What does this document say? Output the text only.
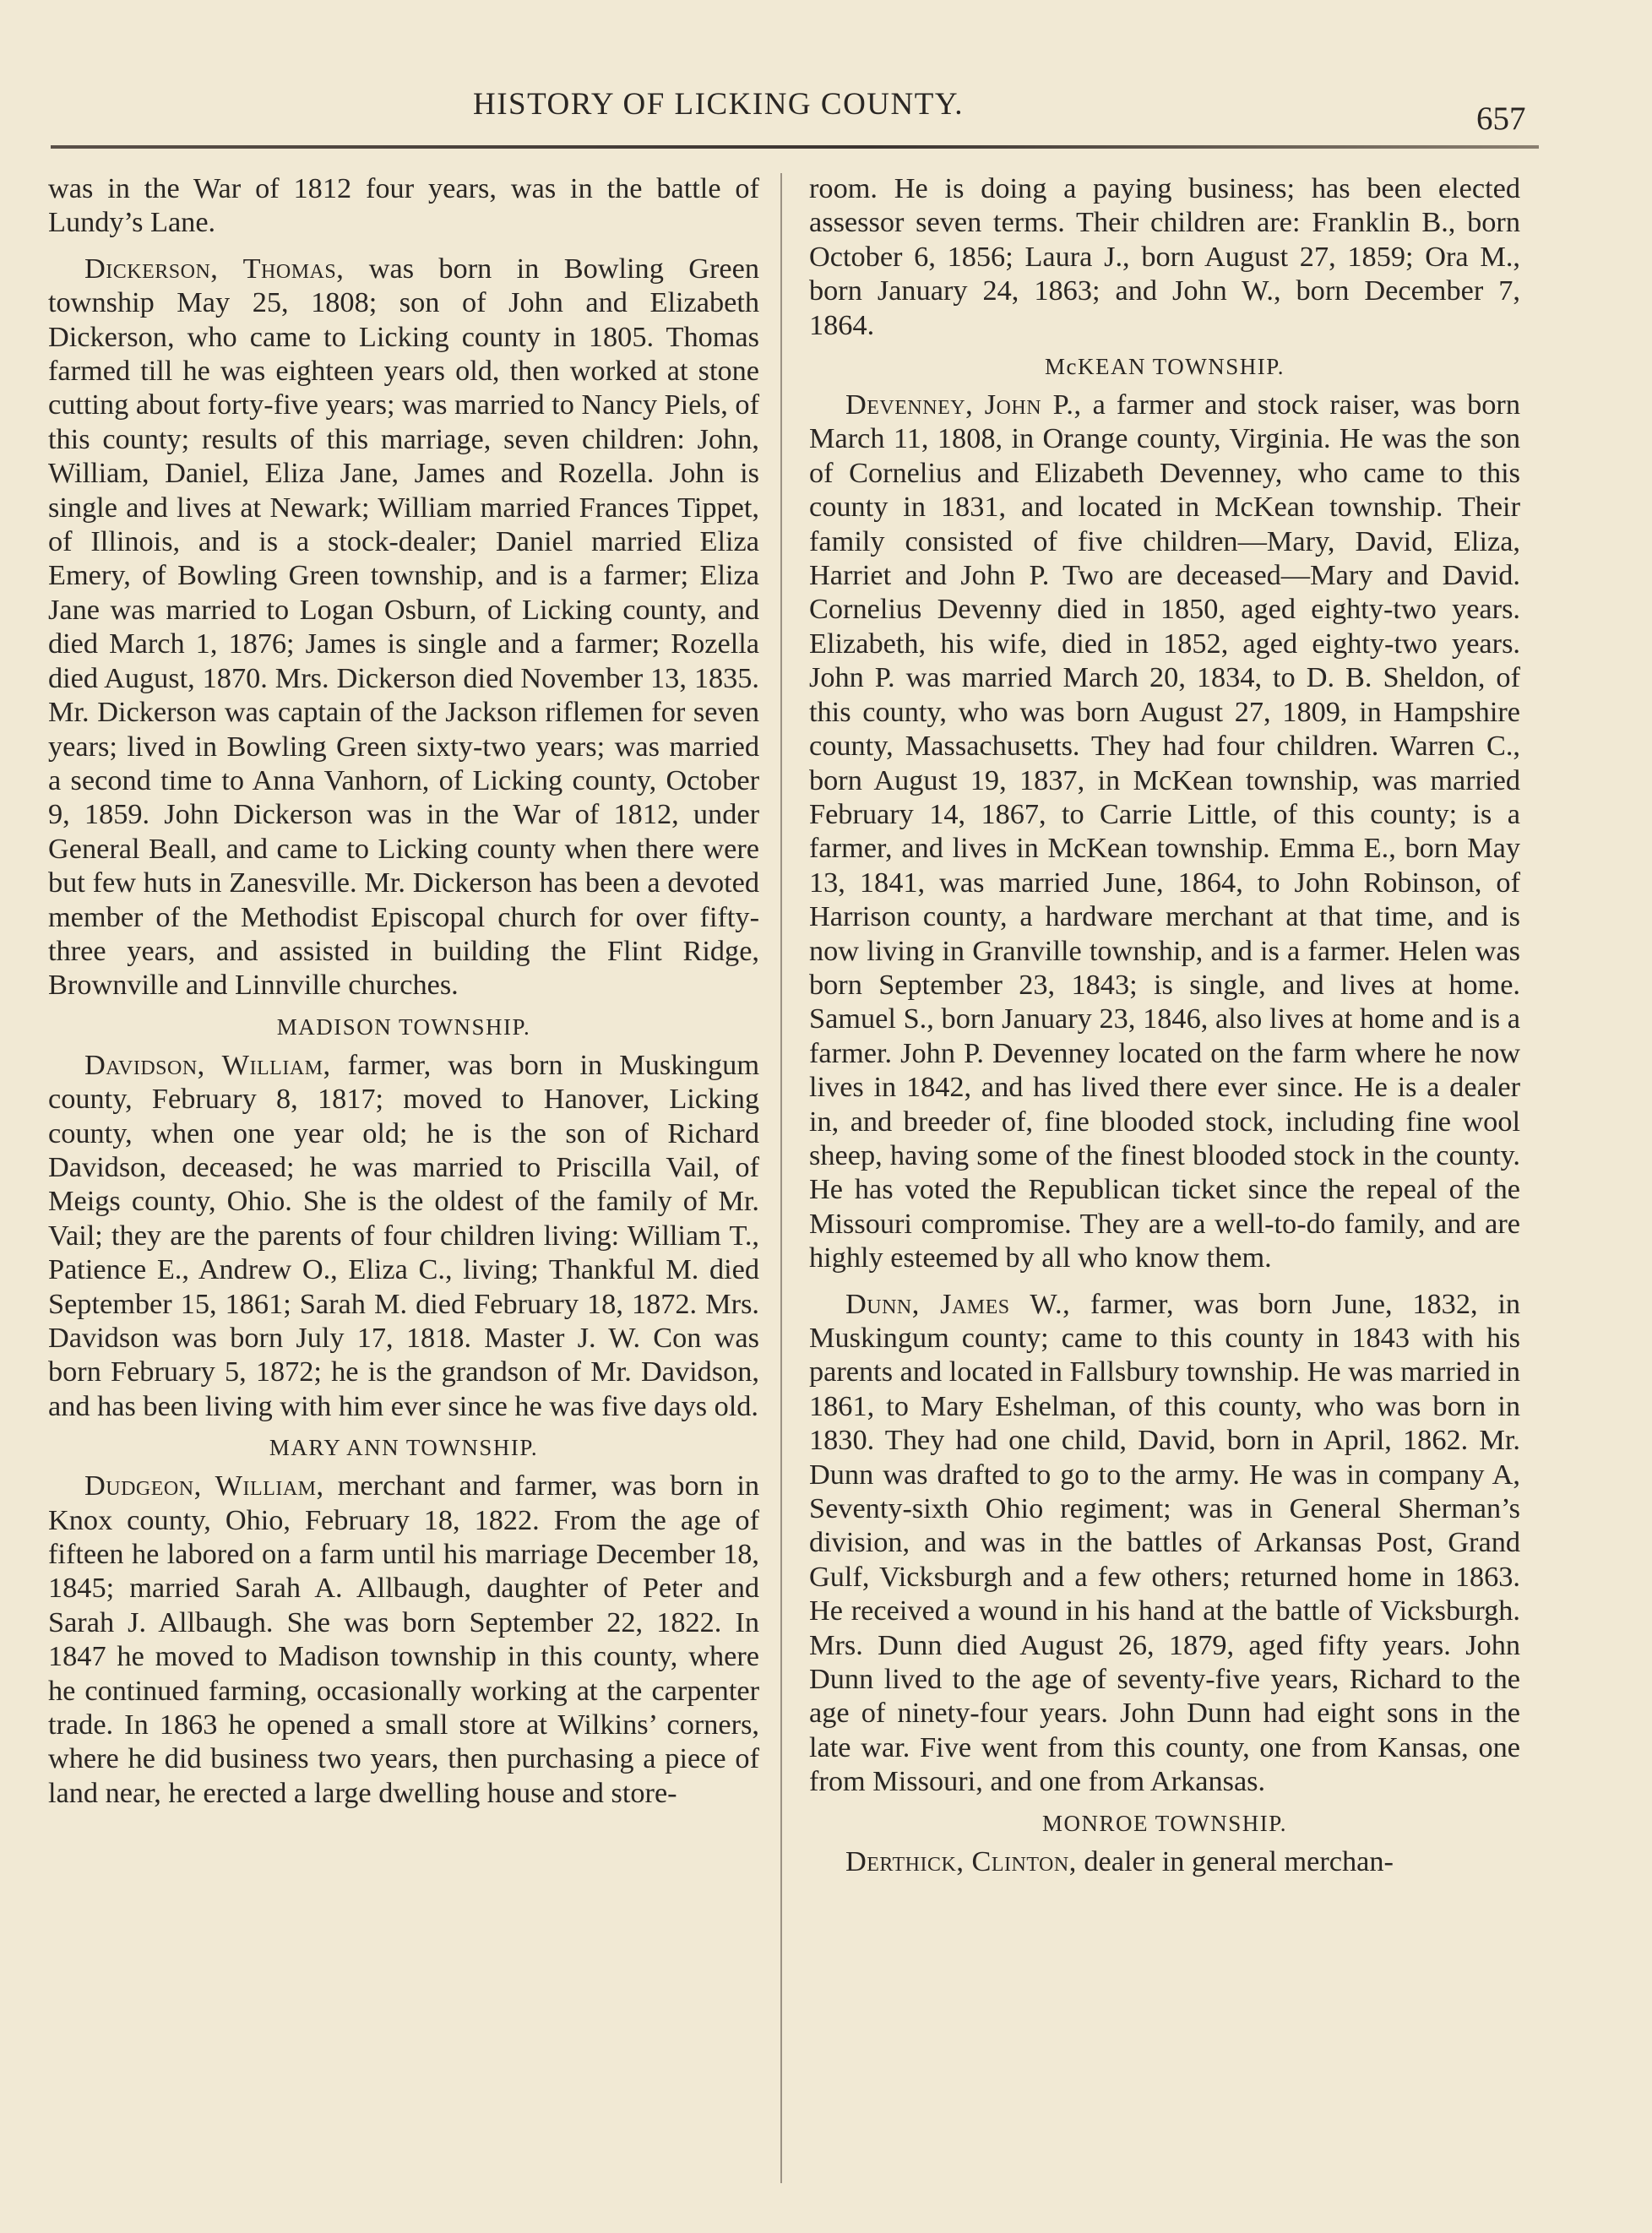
HISTORY OF LICKING COUNTY.	657

was in the War of 1812 four years, was in the battle of Lundy’s Lane.

Dickerson, Thomas, was born in Bowling Green township May 25, 1808; son of John and Elizabeth Dickerson, who came to Licking county in 1805. Thomas farmed till he was eighteen years old, then worked at stone cutting about forty-five years; was married to Nancy Piels, of this county; results of this marriage, seven children: John, William, Daniel, Eliza Jane, James and Rozella. John is single and lives at Newark; William married Frances Tippet, of Illinois, and is a stock-dealer; Daniel married Eliza Emery, of Bowling Green township, and is a farmer; Eliza Jane was married to Logan Osburn, of Licking county, and died March 1, 1876; James is single and a farmer; Rozella died August, 1870. Mrs. Dickerson died November 13, 1835. Mr. Dickerson was captain of the Jackson riflemen for seven years; lived in Bowling Green sixty-two years; was married a second time to Anna Vanhorn, of Licking county, October 9, 1859. John Dickerson was in the War of 1812, under General Beall, and came to Licking county when there were but few huts in Zanesville. Mr. Dickerson has been a devoted member of the Methodist Episcopal church for over fifty-three years, and assisted in building the Flint Ridge, Brownville and Linnville churches.

MADISON TOWNSHIP.

Davidson, William, farmer, was born in Muskingum county, February 8, 1817; moved to Hanover, Licking county, when one year old; he is the son of Richard Davidson, deceased; he was married to Priscilla Vail, of Meigs county, Ohio. She is the oldest of the family of Mr. Vail; they are the parents of four children living: William T., Patience E., Andrew O., Eliza C., living; Thankful M. died September 15, 1861; Sarah M. died February 18, 1872. Mrs. Davidson was born July 17, 1818. Master J. W. Con was born February 5, 1872; he is the grandson of Mr. Davidson, and has been living with him ever since he was five days old.

MARY ANN TOWNSHIP.

Dudgeon, William, merchant and farmer, was born in Knox county, Ohio, February 18, 1822. From the age of fifteen he labored on a farm until his marriage December 18, 1845; married Sarah A. Allbaugh, daughter of Peter and Sarah J. Allbaugh. She was born September 22, 1822. In 1847 he moved to Madison township in this county, where he continued farming, occasionally working at the carpenter trade. In 1863 he opened a small store at Wilkins’ corners, where he did business two years, then purchasing a piece of land near, he erected a large dwelling house and store-

room. He is doing a paying business; has been elected assessor seven terms. Their children are: Franklin B., born October 6, 1856; Laura J., born August 27, 1859; Ora M., born January 24, 1863; and John W., born December 7, 1864.

McKEAN TOWNSHIP.

Devenney, John P., a farmer and stock raiser, was born March 11, 1808, in Orange county, Virginia. He was the son of Cornelius and Elizabeth Devenney, who came to this county in 1831, and located in McKean township. Their family consisted of five children—Mary, David, Eliza, Harriet and John P. Two are deceased—Mary and David. Cornelius Devenny died in 1850, aged eighty-two years. Elizabeth, his wife, died in 1852, aged eighty-two years. John P. was married March 20, 1834, to D. B. Sheldon, of this county, who was born August 27, 1809, in Hampshire county, Massachusetts. They had four children. Warren C., born August 19, 1837, in McKean township, was married February 14, 1867, to Carrie Little, of this county; is a farmer, and lives in McKean township. Emma E., born May 13, 1841, was married June, 1864, to John Robinson, of Harrison county, a hardware merchant at that time, and is now living in Granville township, and is a farmer. Helen was born September 23, 1843; is single, and lives at home. Samuel S., born January 23, 1846, also lives at home and is a farmer. John P. Devenney located on the farm where he now lives in 1842, and has lived there ever since. He is a dealer in, and breeder of, fine blooded stock, including fine wool sheep, having some of the finest blooded stock in the county. He has voted the Republican ticket since the repeal of the Missouri compromise. They are a well-to-do family, and are highly esteemed by all who know them.

Dunn, James W., farmer, was born June, 1832, in Muskingum county; came to this county in 1843 with his parents and located in Fallsbury township. He was married in 1861, to Mary Eshelman, of this county, who was born in 1830. They had one child, David, born in April, 1862. Mr. Dunn was drafted to go to the army. He was in company A, Seventy-sixth Ohio regiment; was in General Sherman’s division, and was in the battles of Arkansas Post, Grand Gulf, Vicksburgh and a few others; returned home in 1863. He received a wound in his hand at the battle of Vicksburgh. Mrs. Dunn died August 26, 1879, aged fifty years. John Dunn lived to the age of seventy-five years, Richard to the age of ninety-four years. John Dunn had eight sons in the late war. Five went from this county, one from Kansas, one from Missouri, and one from Arkansas.

MONROE TOWNSHIP.

Derthick, Clinton, dealer in general merchan-
